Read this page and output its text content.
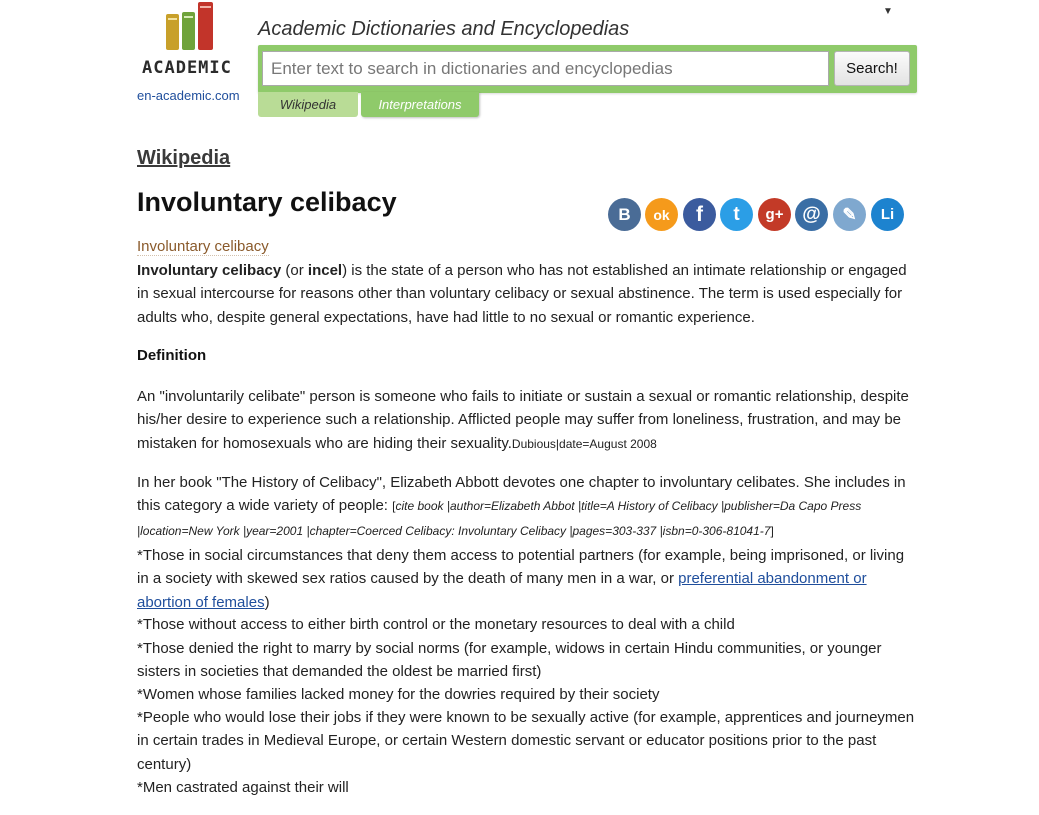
ACADEMIC
en-academic.com
Academic Dictionaries and Encyclopedias
▼
Enter text to search in dictionaries and encyclopedias
Search!
Wikipedia	Interpretations
Wikipedia
Involuntary celibacy	B ok f t g+ @ ✎ Li
Involuntary celibacy

Involuntary celibacy (or incel) is the state of a person who has not established an intimate relationship or engaged in sexual intercourse for reasons other than voluntary celibacy or sexual abstinence. The term is used especially for adults who, despite general expectations, have had little to no sexual or romantic experience.

Definition

An "involuntarily celibate" person is someone who fails to initiate or sustain a sexual or romantic relationship, despite his/her desire to experience such a relationship. Afflicted people may suffer from loneliness, frustration, and may be mistaken for homosexuals who are hiding their sexuality.Dubious|date=August 2008

In her book "The History of Celibacy", Elizabeth Abbott devotes one chapter to involuntary celibates. She includes in this category a wide variety of people: [cite book |author=Elizabeth Abbot |title=A History of Celibacy |publisher=Da Capo Press |location=New York |year=2001 |chapter=Coerced Celibacy: Involuntary Celibacy |pages=303-337 |isbn=0-306-81041-7]

*Those in social circumstances that deny them access to potential partners (for example, being imprisoned, or living in a society with skewed sex ratios caused by the death of many men in a war, or preferential abandonment or abortion of females)

*Those without access to either birth control or the monetary resources to deal with a child

*Those denied the right to marry by social norms (for example, widows in certain Hindu communities, or younger sisters in societies that demanded the oldest be married first)

*Women whose families lacked money for the dowries required by their society

*People who would lose their jobs if they were known to be sexually active (for example, apprentices and journeymen in certain trades in Medieval Europe, or certain Western domestic servant or educator positions prior to the past century)

*Men castrated against their will
